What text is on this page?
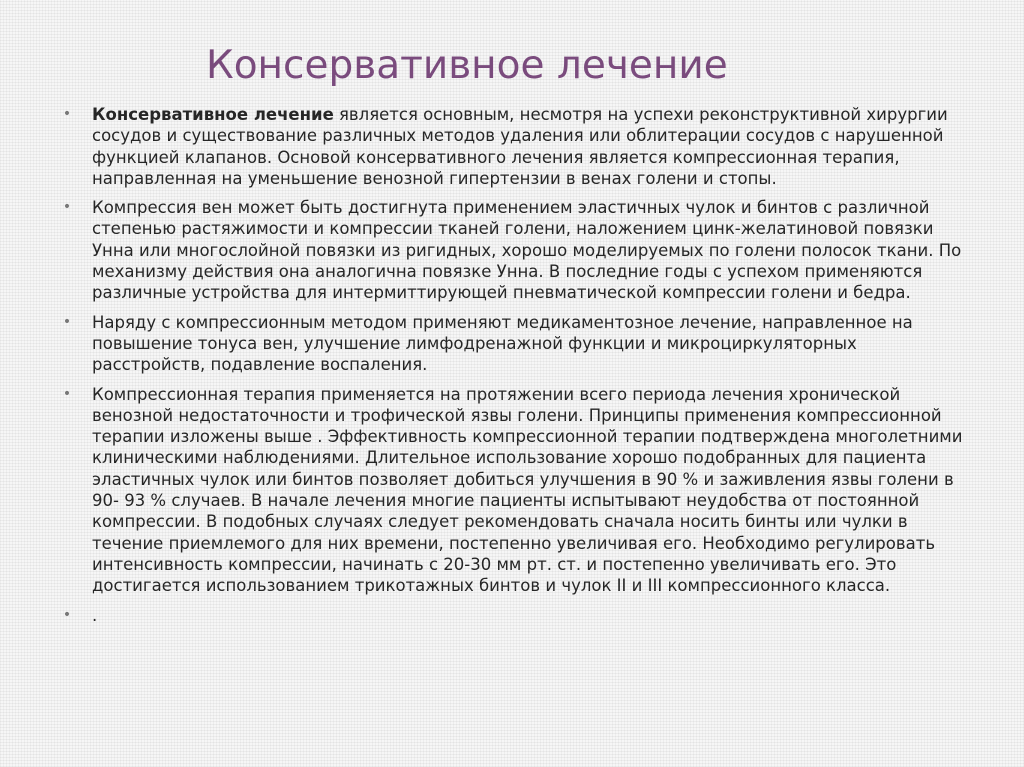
Консервативное лечение
• Консервативное лечение является основным, несмотря на успехи реконструктивной хирургии сосудов и существование различных методов удаления или облитерации сосудов с нарушенной функцией клапанов. Основой консервативного лечения является компрессионная терапия, направленная на уменьшение венозной гипертензии в венах голени и стопы.
• Компрессия вен может быть достигнута применением эластичных чулок и бинтов с различной степенью растяжимости и компрессии тканей голени, наложением цинк-желатиновой повязки Унна или многослойной повязки из ригидных, хорошо моделируемых по голени полосок ткани. По механизму действия она аналогична повязке Унна. В последние годы с успехом применяются различные устройства для интермиттирующей пневматической компрессии голени и бедра.
• Наряду с компрессионным методом применяют медикаментозное лечение, направленное на повышение тонуса вен, улучшение лимфодренажной функции и микроциркуляторных расстройств, подавление воспаления.
• Компрессионная терапия применяется на протяжении всего периода лечения хронической венозной недостаточности и трофической язвы голени. Принципы применения компрессионной терапии изложены выше . Эффективность компрессионной терапии подтверждена многолетними клиническими наблюдениями. Длительное использование хорошо подобранных для пациента эластичных чулок или бинтов позволяет добиться улучшения в 90 % и заживления язвы голени в 90- 93 % случаев. В начале лечения многие пациенты испытывают неудобства от постоянной компрессии. В подобных случаях следует рекомендовать сначала носить бинты или чулки в течение приемлемого для них времени, постепенно увеличивая его. Необходимо регулировать интенсивность компрессии, начинать с 20-30 мм рт. ст. и постепенно увеличивать его. Это достигается использованием трикотажных бинтов и чулок II и III компрессионного класса.
• .
